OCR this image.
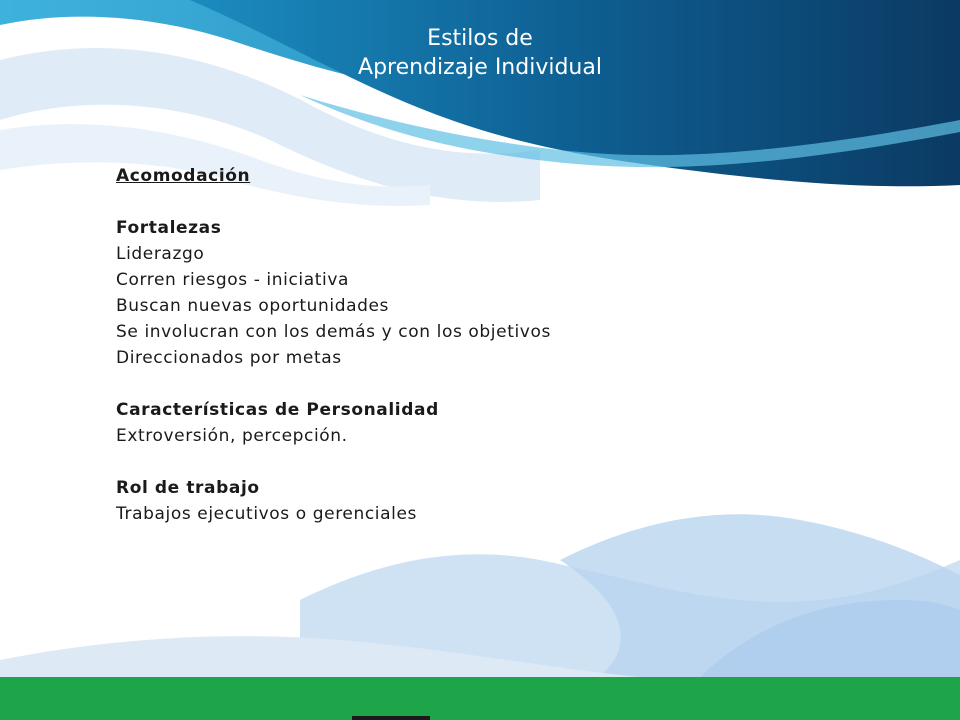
Estilos de
Aprendizaje Individual
Acomodación
Fortalezas
Liderazgo
Corren riesgos - iniciativa
Buscan nuevas oportunidades
Se involucran con los demás y con los objetivos
Direccionados por metas
Características de Personalidad
Extroversión, percepción.
Rol de trabajo
Trabajos ejecutivos o gerenciales
